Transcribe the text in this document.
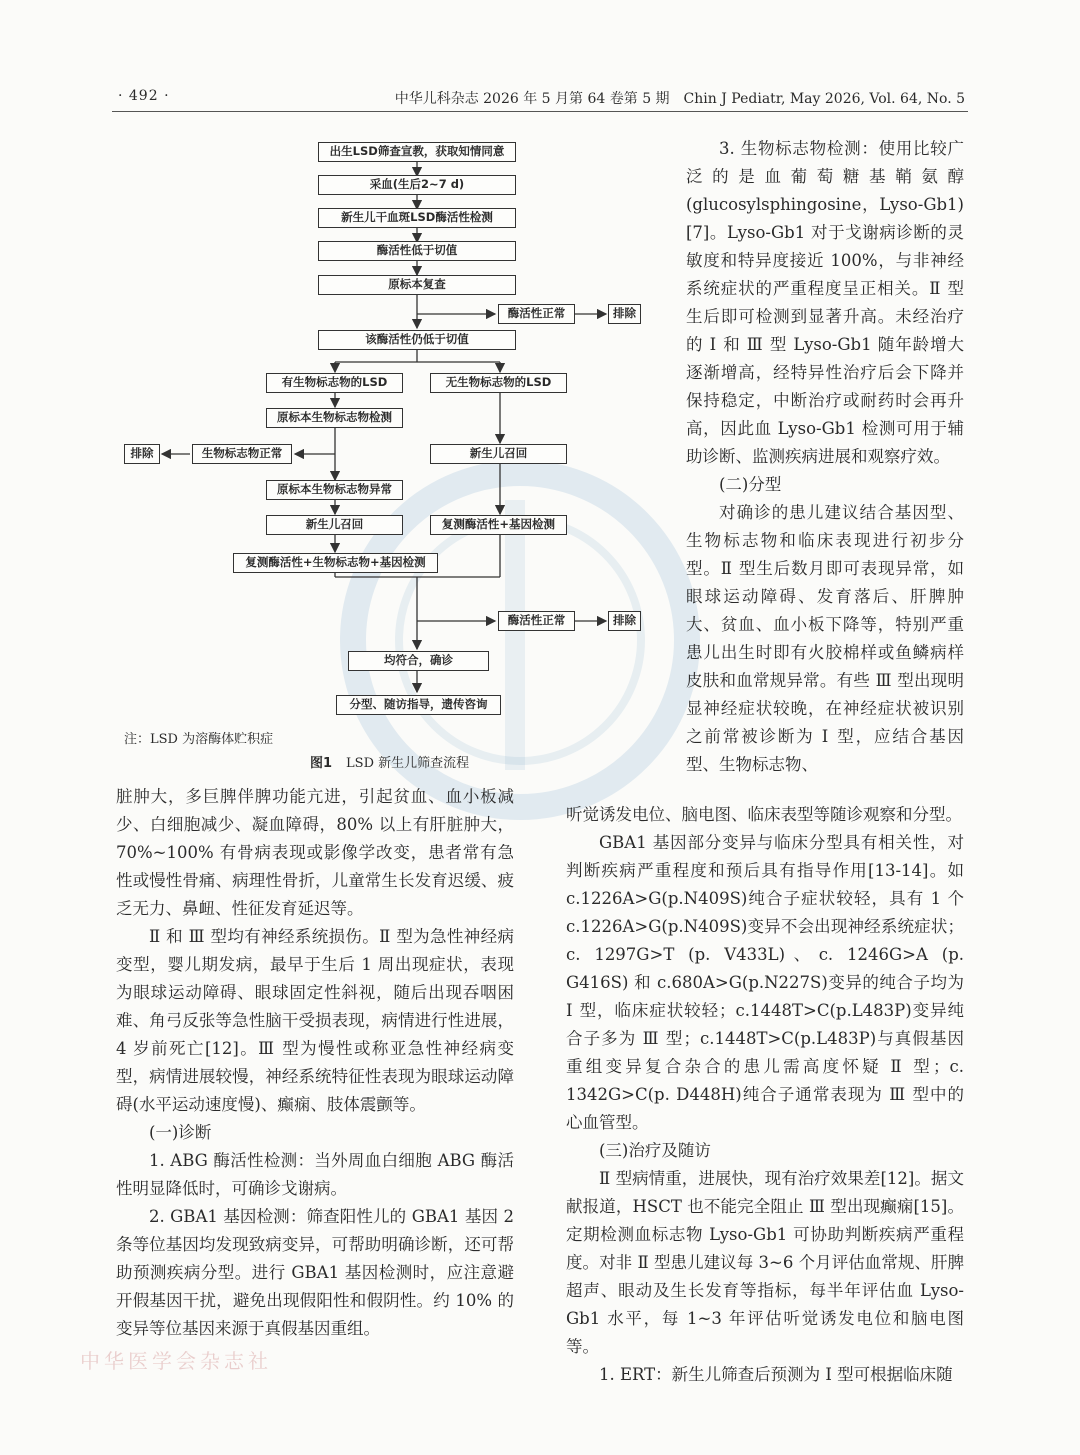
· 492 ·	中华儿科杂志 2026 年 5 月第 64 卷第 5 期　Chin J Pediatr, May 2026, Vol. 64, No. 5
出生LSD筛查宣教，获取知情同意
采血(生后2~7 d)
新生儿干血斑LSD酶活性检测
酶活性低于切值
原标本复查
酶活性正常	排除
该酶活性仍低于切值
有生物标志物的LSD	无生物标志物的LSD
原标本生物标志物检测
排除	生物标志物正常	新生儿召回
原标本生物标志物异常
新生儿召回	复测酶活性+基因检测
复测酶活性+生物标志物+基因检测
酶活性正常	排除
均符合，确诊
分型、随访指导，遗传咨询
注：LSD 为溶酶体贮积症
图1 LSD 新生儿筛查流程

3. 生物标志物检测：使用比较广泛的是血葡萄糖基鞘氨醇(glucosylsphingosine，Lyso-Gb1)[7]。Lyso-Gb1 对于戈谢病诊断的灵敏度和特异度接近 100%，与非神经系统症状的严重程度呈正相关。Ⅱ 型生后即可检测到显著升高。未经治疗的 Ⅰ 和 Ⅲ 型 Lyso-Gb1 随年龄增大逐渐增高，经特异性治疗后会下降并保持稳定，中断治疗或耐药时会再升高，因此血 Lyso-Gb1 检测可用于辅助诊断、监测疾病进展和观察疗效。

(二)分型

对确诊的患儿建议结合基因型、生物标志物和临床表现进行初步分型。Ⅱ 型生后数月即可表现异常，如眼球运动障碍、发育落后、肝脾肿大、贫血、血小板下降等，特别严重患儿出生时即有火胶棉样或鱼鳞病样皮肤和血常规异常。有些 Ⅲ 型出现明显神经症状较晚，在神经症状被识别之前常被诊断为 Ⅰ 型，应结合基因型、生物标志物、

脏肿大，多巨脾伴脾功能亢进，引起贫血、血小板减少、白细胞减少、凝血障碍，80% 以上有肝脏肿大，70%~100% 有骨病表现或影像学改变，患者常有急性或慢性骨痛、病理性骨折，儿童常生长发育迟缓、疲乏无力、鼻衄、性征发育延迟等。

Ⅱ 和 Ⅲ 型均有神经系统损伤。Ⅱ 型为急性神经病变型，婴儿期发病，最早于生后 1 周出现症状，表现为眼球运动障碍、眼球固定性斜视，随后出现吞咽困难、角弓反张等急性脑干受损表现，病情进行性进展，4 岁前死亡[12]。Ⅲ 型为慢性或称亚急性神经病变型，病情进展较慢，神经系统特征性表现为眼球运动障碍(水平运动速度慢)、癫痫、肢体震颤等。

(一)诊断

1. ABG 酶活性检测：当外周血白细胞 ABG 酶活性明显降低时，可确诊戈谢病。

2. GBA1 基因检测：筛查阳性儿的 GBA1 基因 2 条等位基因均发现致病变异，可帮助明确诊断，还可帮助预测疾病分型。进行 GBA1 基因检测时，应注意避开假基因干扰，避免出现假阳性和假阴性。约 10% 的变异等位基因来源于真假基因重组。

听觉诱发电位、脑电图、临床表型等随诊观察和分型。

GBA1 基因部分变异与临床分型具有相关性，对判断疾病严重程度和预后具有指导作用[13-14]。如 c.1226A>G(p.N409S)纯合子症状较轻，具有 1 个 c.1226A>G(p.N409S)变异不会出现神经系统症状；c. 1297G>T (p. V433L)、c. 1246G>A (p. G416S) 和 c.680A>G(p.N227S)变异的纯合子均为 Ⅰ 型，临床症状较轻；c.1448T>C(p.L483P)变异纯合子多为 Ⅲ 型；c.1448T>C(p.L483P)与真假基因重组变异复合杂合的患儿需高度怀疑 Ⅱ 型；c. 1342G>C(p. D448H)纯合子通常表现为 Ⅲ 型中的心血管型。

(三)治疗及随访

Ⅱ 型病情重，进展快，现有治疗效果差[12]。据文献报道，HSCT 也不能完全阻止 Ⅲ 型出现癫痫[15]。定期检测血标志物 Lyso-Gb1 可协助判断疾病严重程度。对非 Ⅱ 型患儿建议每 3~6 个月评估血常规、肝脾超声、眼动及生长发育等指标，每半年评估血 Lyso-Gb1 水平，每 1~3 年评估听觉诱发电位和脑电图等。

1. ERT：新生儿筛查后预测为 Ⅰ 型可根据临床随

中华医学会杂志社
